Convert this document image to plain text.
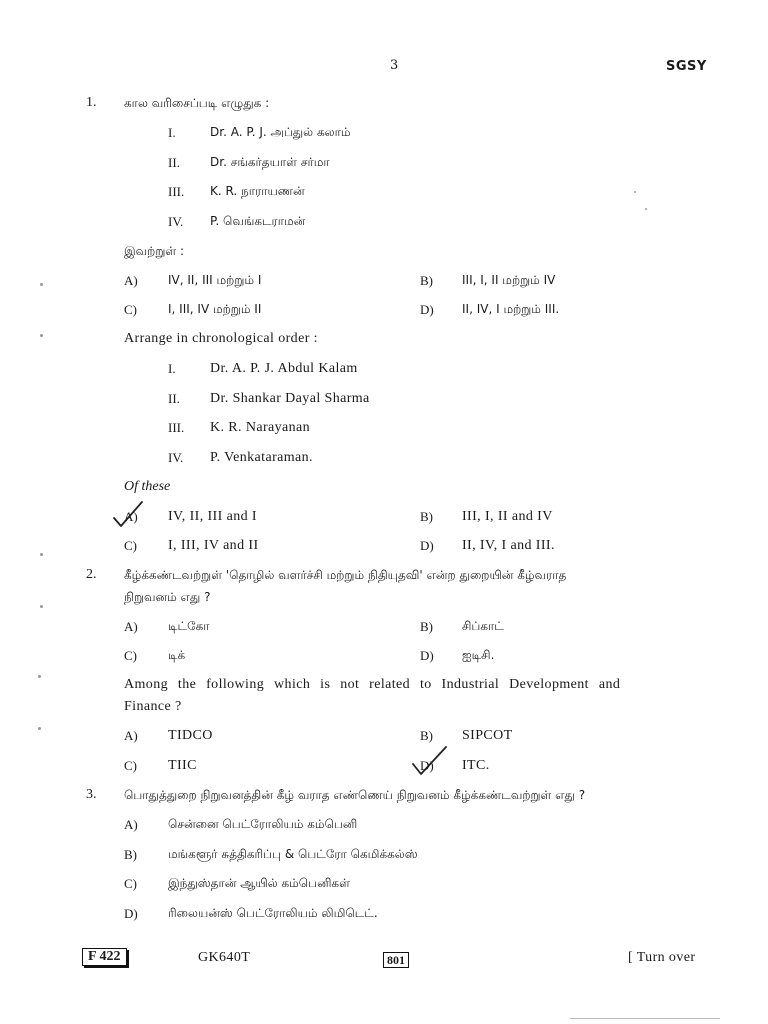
3	SGSY
1. கால வரிசைப்படி எழுதுக :
I.	Dr. A. P. J. அப்துல் கலாம்
II.	Dr. சங்கர்தயாள் சர்மா
III. K. R. நாராயணன்
IV. P. வெங்கடராமன்
இவற்றுள் :
A)	IV, II, III மற்றும் I	B) III, I, II மற்றும் IV
C)	I, III, IV மற்றும் II	D) II, IV, I மற்றும் III.
Arrange in chronological order :
I. Dr. A. P. J. Abdul Kalam
II. Dr. Shankar Dayal Sharma
III. K. R. Narayanan
IV. P. Venkataraman.
Of these
A) IV, II, III and I	B) III, I, II and IV
C) I, III, IV and II	D) II, IV, I and III.
2. கீழ்க்கண்டவற்றுள் 'தொழில் வளர்ச்சி மற்றும் நிதியுதவி' என்ற துறையின் கீழ்வராத
நிறுவனம் எது ?
A)	டிட்கோ	B) சிப்காட்
C)	டிக்	D) ஐடிசி.
Among the following which is not related to Industrial Development and
Finance ?
A) TIDCO	B) SIPCOT
C) TIIC	D) ITC.
3. பொதுத்துறை நிறுவனத்தின் கீழ் வராத எண்ணெய் நிறுவனம் கீழ்க்கண்டவற்றுள் எது ?
A)	சென்னை பெட்ரோலியம் கம்பெனி
B)	மங்களூர் சுத்திகரிப்பு & பெட்ரோ கெமிக்கல்ஸ்
C)	இந்துஸ்தான் ஆயில் கம்பெனிகள்
D)	ரிலையன்ஸ் பெட்ரோலியம் லிமிடெட்.
F 422	GK640T	801	[ Turn over
